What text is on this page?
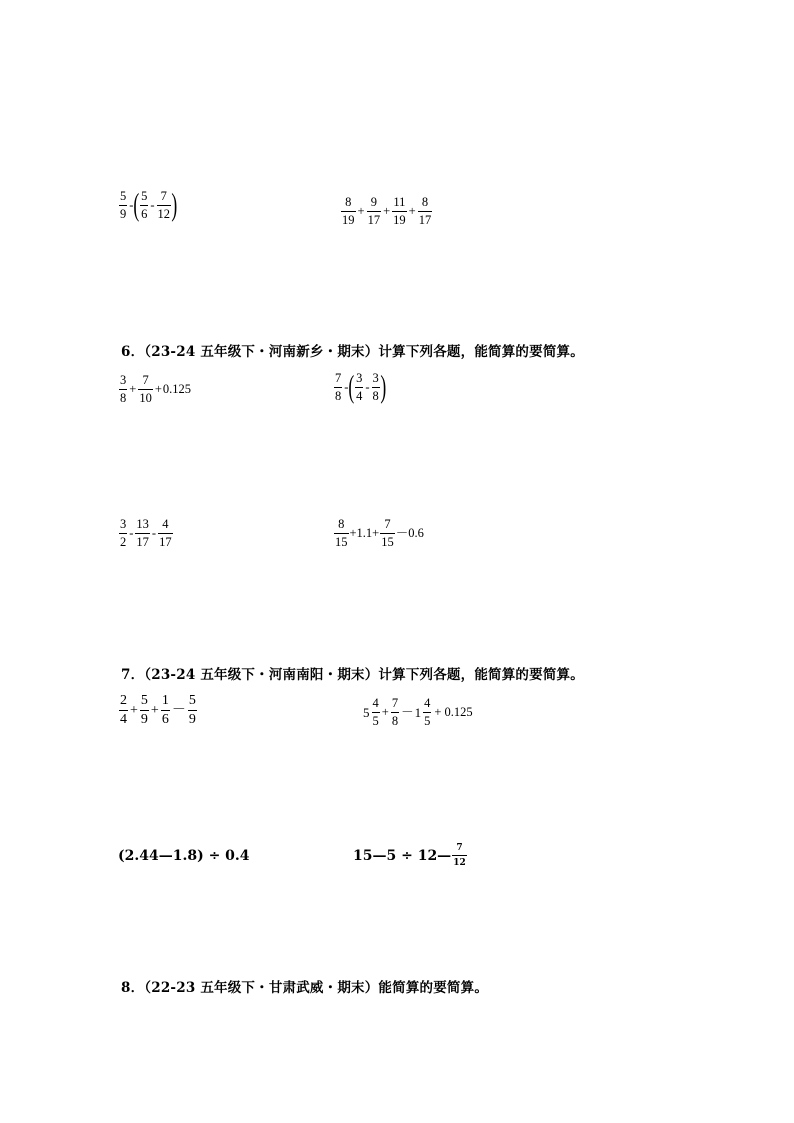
$\frac{5}{9}$ - ( $\frac{5}{6} - \frac{7}{12}$ )	$\frac{8}{19} + \frac{9}{17} + \frac{11}{19} + \frac{8}{17}$
6．（23-24 五年级下・河南新乡・期末）计算下列各题，能简算的要简算。
$\frac{3}{8} + \frac{7}{10} + 0.125$	$\frac{7}{8}$ - ( $\frac{3}{4} - \frac{3}{8}$ )
$\frac{3}{2} - \frac{13}{17} - \frac{4}{17}$	$\frac{8}{15} +1.1+ \frac{7}{15} -0.6$
7．（23-24 五年级下・河南南阳・期末）计算下列各题，能简算的要简算。
$\frac{2}{4} + \frac{5}{9} + \frac{1}{6} - \frac{5}{9}$	$5 \frac{4}{5} + \frac{7}{8} - 1 \frac{4}{5} + 0.125$
(2.44—1.8) ÷ 0.4	15—5 ÷ 12— $\frac{7}{12}$
8．（22-23 五年级下・甘肃武威・期末）能简算的要简算。
